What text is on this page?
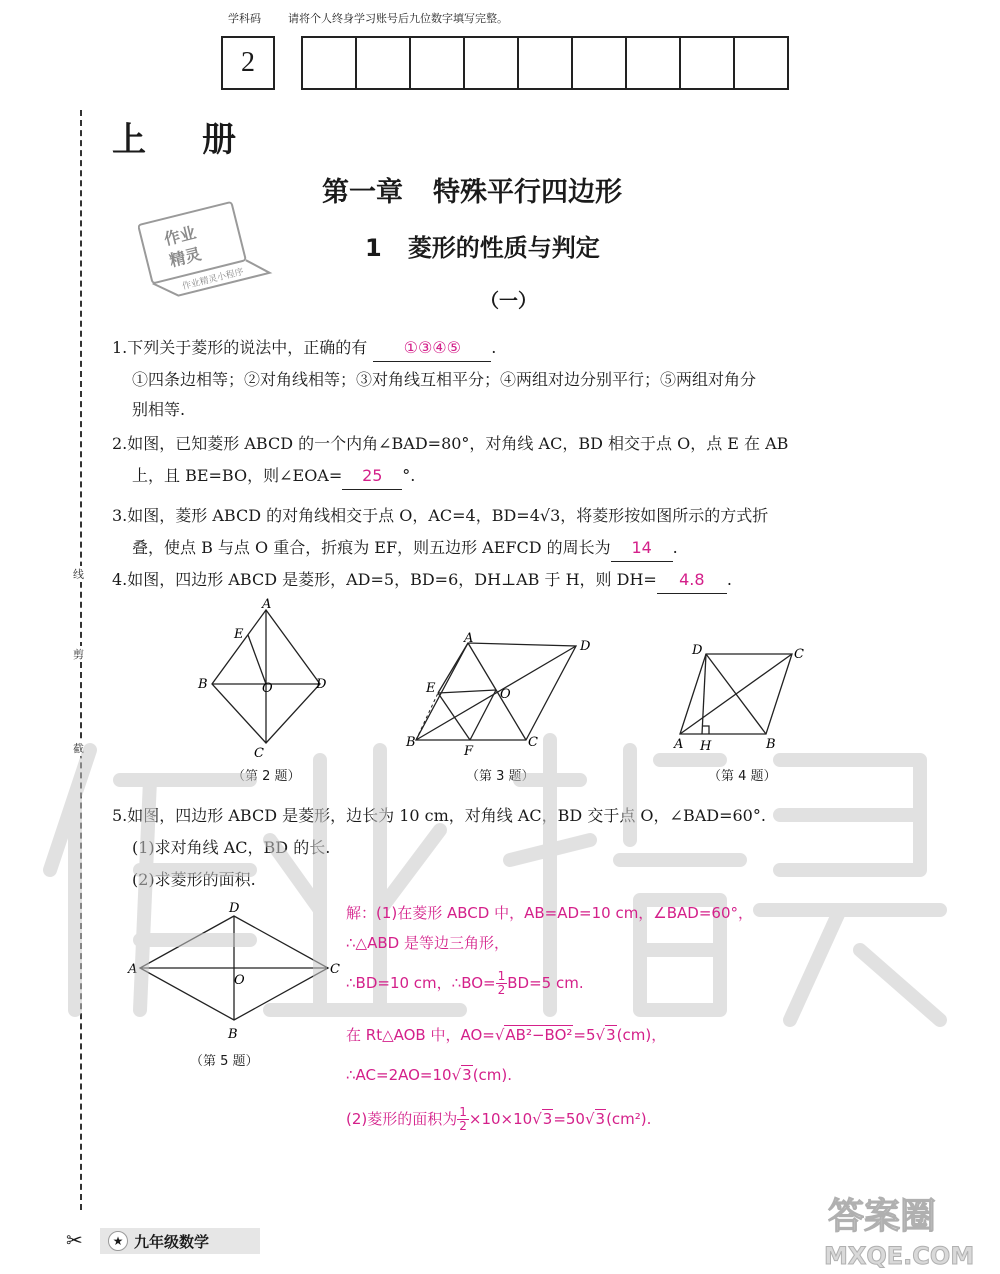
学科码 请将个人终身学习账号后九位数字填写完整。
2
线
剪
截
上册
第一章 特殊平行四边形
1 菱形的性质与判定
（一）
作业
精灵
作业精灵小程序
1.下列关于菱形的说法中，正确的有 ①③④⑤ .
①四条边相等；②对角线相等；③对角线互相平分；④两组对边分别平行；⑤两组对角分
别相等.
2.如图，已知菱形 ABCD 的一个内角∠BAD=80°，对角线 AC，BD 相交于点 O，点 E 在 AB
上，且 BE=BO，则∠EOA= 25 °.
3.如图，菱形 ABCD 的对角线相交于点 O，AC=4，BD=4√3，将菱形按如图所示的方式折
叠，使点 B 与点 O 重合，折痕为 EF，则五边形 AEFCD 的周长为 14 .
4.如图，四边形 ABCD 是菱形，AD=5，BD=6，DH⊥AB 于 H，则 DH= 4.8 .
A
B
C
D
E
O
（第 2 题）
A
B	C
D
E
F
O
（第 3 题）
A	B
C
D
H
（第 4 题）
5.如图，四边形 ABCD 是菱形，边长为 10 cm，对角线 AC，BD 交于点 O，∠BAD=60°.
(1)求对角线 AC，BD 的长.
(2)求菱形的面积.
D
A
B
C
O
（第 5 题）
解：(1)在菱形 ABCD 中，AB=AD=10 cm，∠BAD=60°，
∴△ABD 是等边三角形，
∴BD=10 cm，∴BO= $\frac{1}{2} BD=5$ cm.
在 Rt△AOB 中，AO=√AB²−BO²=5√3(cm)，
∴AC=2AO=10√3(cm).
(2)菱形的面积为 $\frac{1}{2} \times 10\times 10√3=50√3(cm^2)$.
✂	★ 九年级数学
答案圈
MXQE.COM
